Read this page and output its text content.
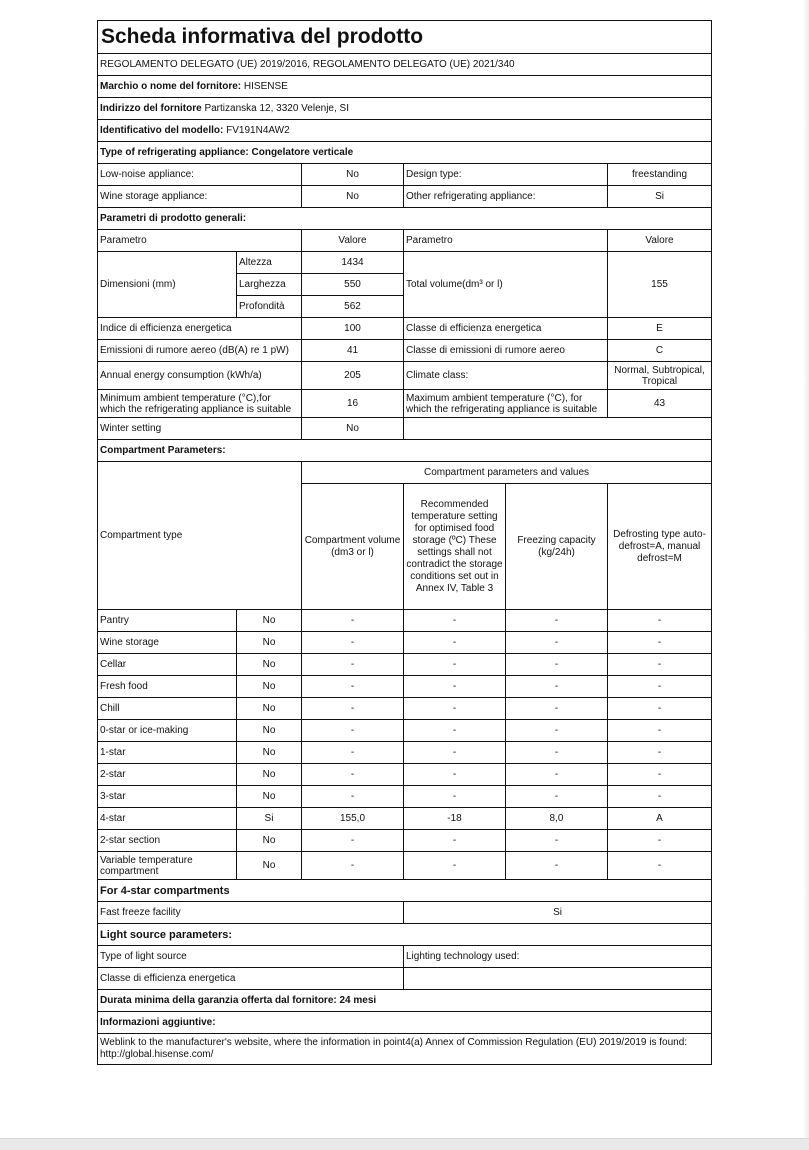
Scheda informativa del prodotto					
REGOLAMENTO DELEGATO (UE) 2019/2016, REGOLAMENTO DELEGATO (UE) 2021/340					
Marchio o nome del fornitore: HISENSE					
Indirizzo del fornitore Partizanska 12, 3320 Velenje, SI					
Identificativo del modello: FV191N4AW2					
Type of refrigerating appliance: Congelatore verticale					
Low-noise appliance:		No	Design type:		freestanding
Wine storage appliance:		No	Other refrigerating appliance:		Si
Parametri di prodotto generali:					
Parametro		Valore	Parametro		Valore
Dimensioni (mm)	Altezza	1434	Total volume(dm³ or l)		155
	Larghezza	550			
	Profondità	562			
Indice di efficienza energetica		100	Classe di efficienza energetica		E
Emissioni di rumore aereo (dB(A) re 1 pW)		41	Classe di emissioni di rumore aereo		C
Annual energy consumption (kWh/a)		205	Climate class:		Normal, Subtropical, Tropical
Minimum ambient temperature (°C),for which the refrigerating appliance is suitable		16	Maximum ambient temperature (°C), for which the refrigerating appliance is suitable		43
Winter setting		No			
Compartment Parameters:					
Compartment type		Compartment parameters and values			
		Compartment volume (dm3 or l)	Recommended temperature setting for optimised food storage (ºC) These settings shall not contradict the storage conditions set out in Annex IV, Table 3	Freezing capacity (kg/24h)	Defrosting type auto-defrost=A, manual defrost=M
Pantry	No	-	-	-	-
Wine storage	No	-	-	-	-
Cellar	No	-	-	-	-
Fresh food	No	-	-	-	-
Chill	No	-	-	-	-
0-star or ice-making	No	-	-	-	-
1-star	No	-	-	-	-
2-star	No	-	-	-	-
3-star	No	-	-	-	-
4-star	Si	155,0	-18	8,0	A
2-star section	No	-	-	-	-
Variable temperature compartment	No	-	-	-	-
For 4-star compartments					
Fast freeze facility			Si		
Light source parameters:					
Type of light source			Lighting technology used:		
Classe di efficienza energetica					
Durata minima della garanzia offerta dal fornitore: 24 mesi					
Informazioni aggiuntive:					
Weblink to the manufacturer's website, where the information in point4(a) Annex of Commission Regulation (EU) 2019/2019 is found: http://global.hisense.com/					
